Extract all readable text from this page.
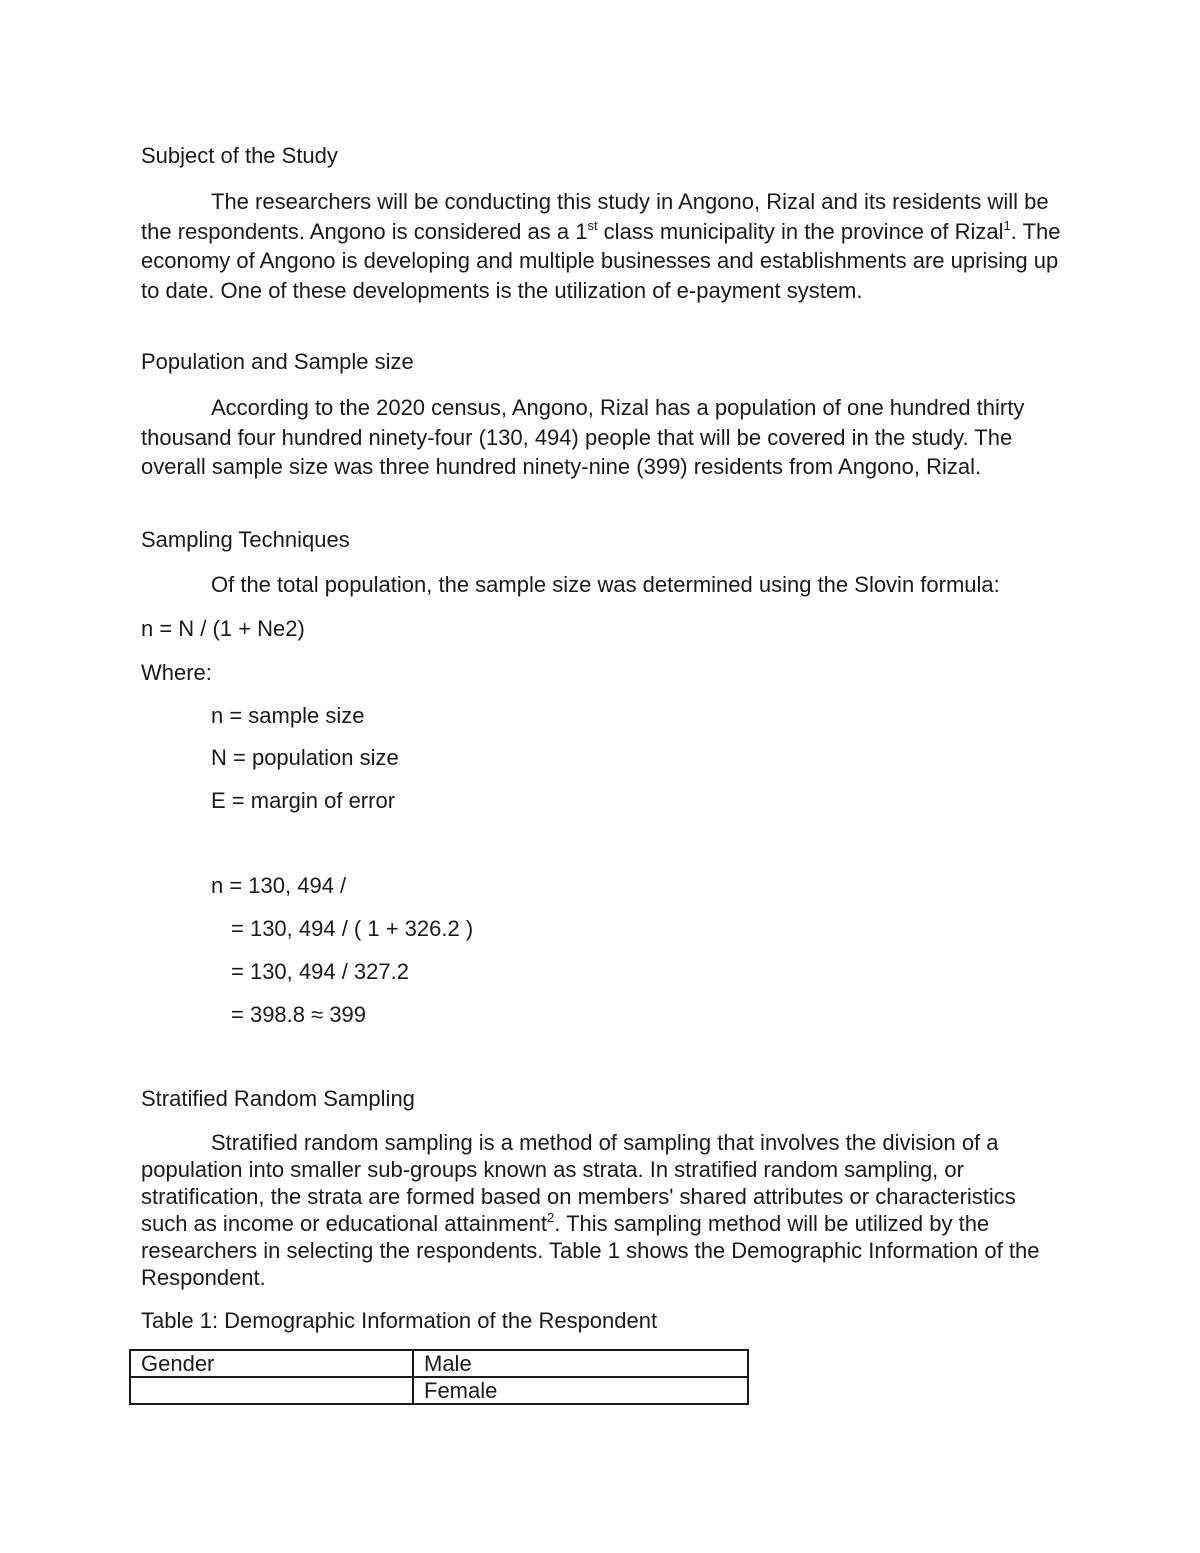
Subject of the Study

The researchers will be conducting this study in Angono, Rizal and its residents will be the respondents. Angono is considered as a 1st class municipality in the province of Rizal$^1$. The economy of Angono is developing and multiple businesses and establishments are uprising up to date. One of these developments is the utilization of e-payment system.

Population and Sample size

According to the 2020 census, Angono, Rizal has a population of one hundred thirty thousand four hundred ninety-four (130, 494) people that will be covered in the study. The overall sample size was three hundred ninety-nine (399) residents from Angono, Rizal.

Sampling Techniques
Of the total population, the sample size was determined using the Slovin formula:
n = N / (1 + Ne2)
Where:
n = sample size
N = population size
E = margin of error
n = 130, 494 /
= 130, 494 / ( 1 + 326.2 )
= 130, 494 / 327.2
= 398.8 ≈ 399
Stratified Random Sampling

Stratified random sampling is a method of sampling that involves the division of a population into smaller sub-groups known as strata. In stratified random sampling, or stratification, the strata are formed based on members' shared attributes or characteristics such as income or educational attainment$^2$. This sampling method will be utilized by the researchers in selecting the respondents. Table 1 shows the Demographic Information of the Respondent.

Table 1: Demographic Information of the Respondent
Gender	Male
	Female
